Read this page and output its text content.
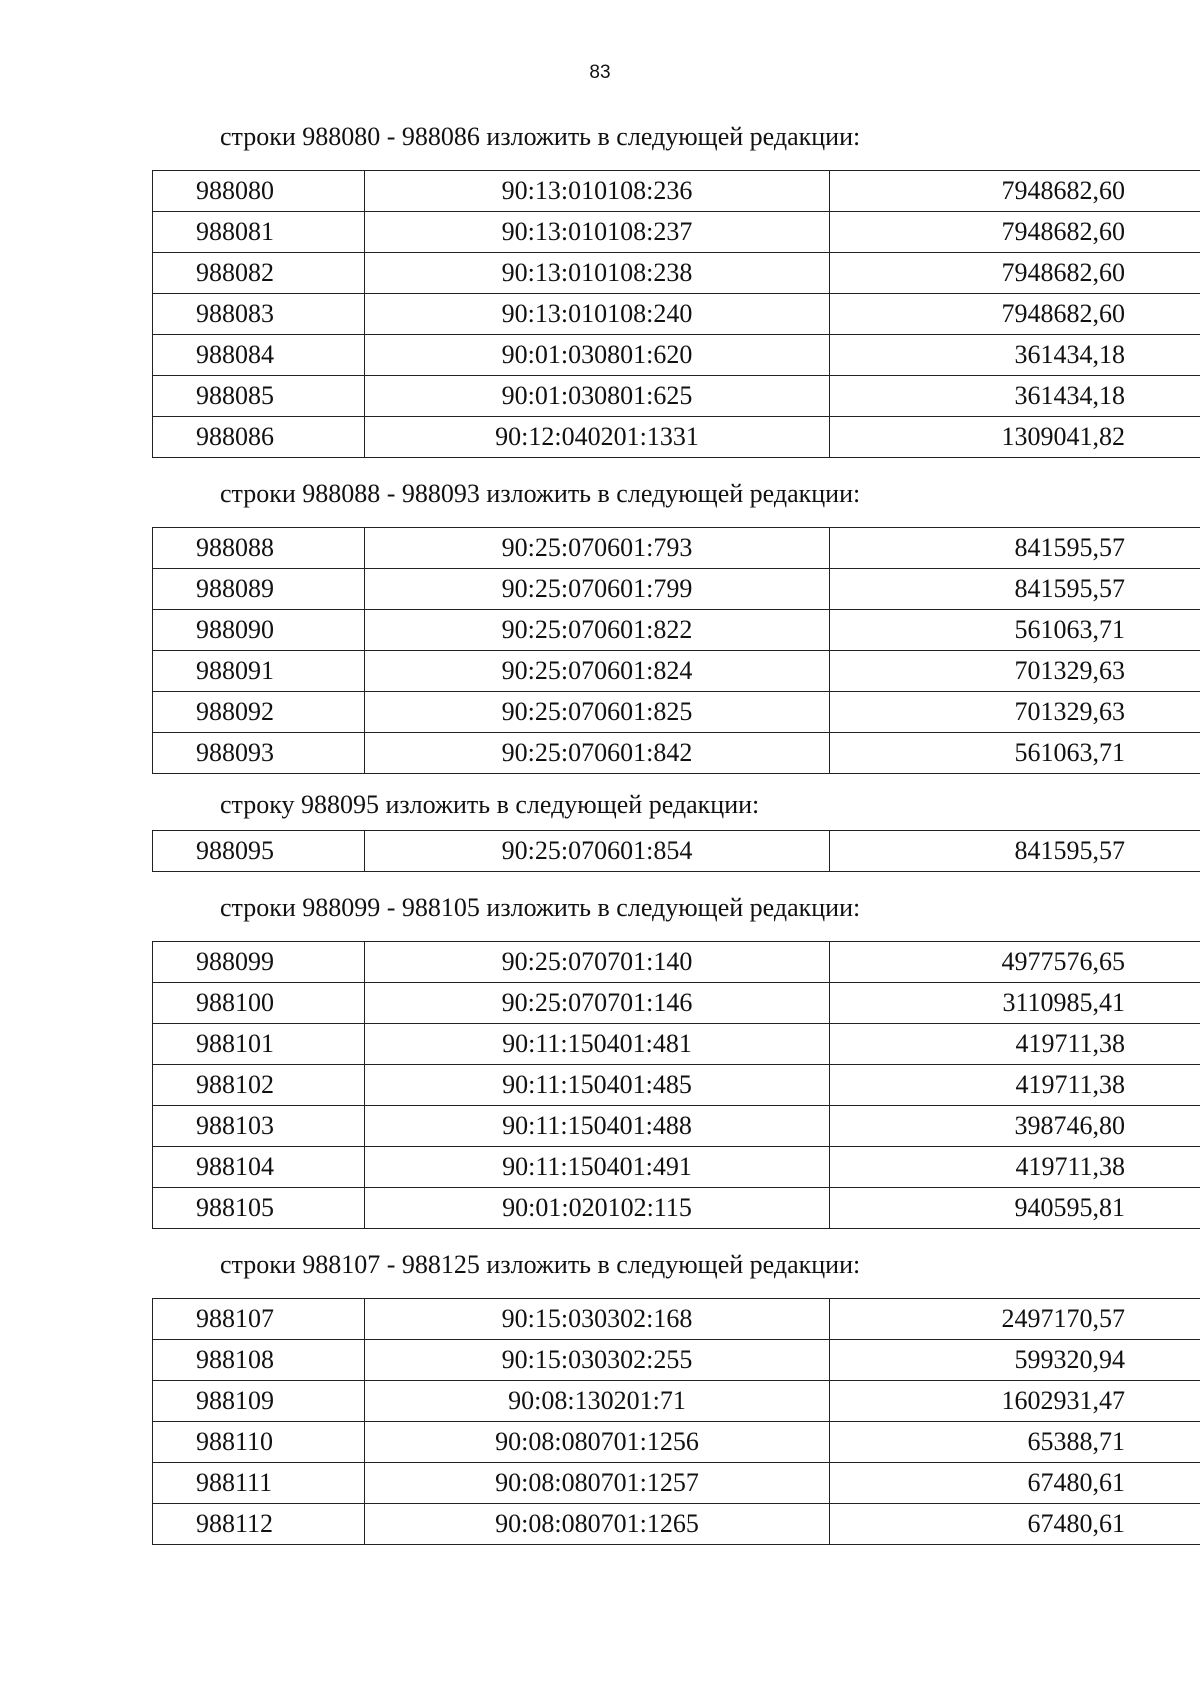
83
строки 988080 - 988086 изложить в следующей редакции:
988080	90:13:010108:236	7948682,60
988081	90:13:010108:237	7948682,60
988082	90:13:010108:238	7948682,60
988083	90:13:010108:240	7948682,60
988084	90:01:030801:620	361434,18
988085	90:01:030801:625	361434,18
988086	90:12:040201:1331	1309041,82
строки 988088 - 988093 изложить в следующей редакции:
988088	90:25:070601:793	841595,57
988089	90:25:070601:799	841595,57
988090	90:25:070601:822	561063,71
988091	90:25:070601:824	701329,63
988092	90:25:070601:825	701329,63
988093	90:25:070601:842	561063,71
строку 988095 изложить в следующей редакции:
988095	90:25:070601:854	841595,57
строки 988099 - 988105 изложить в следующей редакции:
988099	90:25:070701:140	4977576,65
988100	90:25:070701:146	3110985,41
988101	90:11:150401:481	419711,38
988102	90:11:150401:485	419711,38
988103	90:11:150401:488	398746,80
988104	90:11:150401:491	419711,38
988105	90:01:020102:115	940595,81
строки 988107 - 988125 изложить в следующей редакции:
988107	90:15:030302:168	2497170,57
988108	90:15:030302:255	599320,94
988109	90:08:130201:71	1602931,47
988110	90:08:080701:1256	65388,71
988111	90:08:080701:1257	67480,61
988112	90:08:080701:1265	67480,61
